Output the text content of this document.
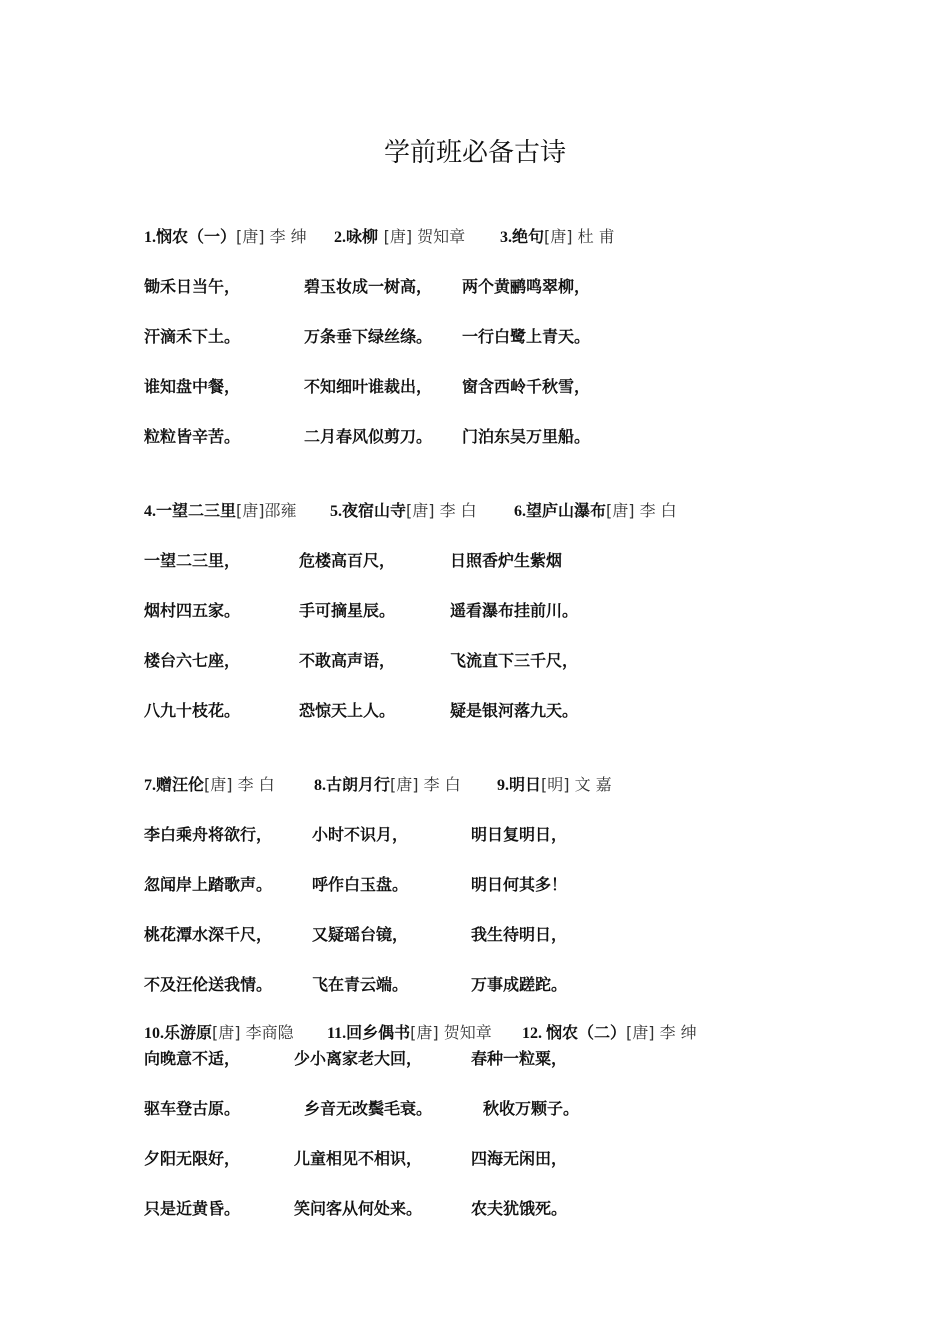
学前班必备古诗
1.悯农（一）[唐] 李 绅 2.咏柳 [唐] 贺知章 3.绝句[唐] 杜 甫
锄禾日当午，	碧玉妆成一树高， 两个黄鹂鸣翠柳，
汗滴禾下土。	万条垂下绿丝绦。 一行白鹭上青天。
谁知盘中餐，	不知细叶谁裁出， 窗含西岭千秋雪，
粒粒皆辛苦。	二月春风似剪刀。 门泊东吴万里船。
4.一望二三里[唐]邵雍 5.夜宿山寺[唐] 李 白 6.望庐山瀑布[唐] 李 白
一望二三里，	危楼高百尺，	日照香炉生紫烟
烟村四五家。	手可摘星辰。	遥看瀑布挂前川。
楼台六七座，	不敢高声语，	飞流直下三千尺，
八九十枝花。	恐惊天上人。	疑是银河落九天。
7.赠汪伦[唐] 李 白 8.古朗月行[唐] 李 白 9.明日[明] 文 嘉
李白乘舟将欲行， 小时不识月，	明日复明日，
忽闻岸上踏歌声。 呼作白玉盘。	明日何其多！
桃花潭水深千尺， 又疑瑶台镜，	我生待明日，
不及汪伦送我情。 飞在青云端。	万事成蹉跎。
10.乐游原[唐] 李商隐 11.回乡偶书[唐] 贺知章 12. 悯农（二）[唐] 李 绅
向晚意不适，	少小离家老大回，	春种一粒粟，
驱车登古原。	乡音无改鬓毛衰。	秋收万颗子。
夕阳无限好，	儿童相见不相识，	四海无闲田，
只是近黄昏。	笑问客从何处来。	农夫犹饿死。
